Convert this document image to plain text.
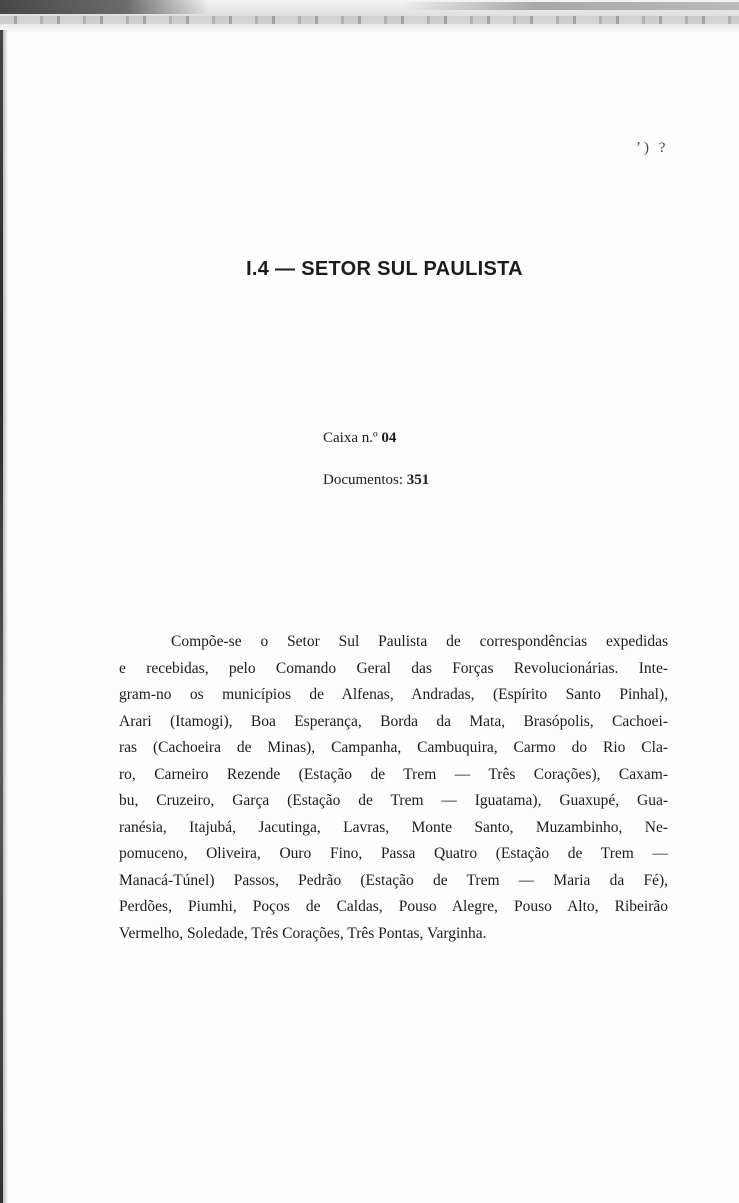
ʼ) ?
I.4 — SETOR SUL PAULISTA
Caixa n.º 04
Documentos: 351
Compõe-se o Setor Sul Paulista de correspondências expedidas
e recebidas, pelo Comando Geral das Forças Revolucionárias. Inte-
gram-no os municípios de Alfenas, Andradas, (Espírito Santo Pinhal),
Arari (Itamogi), Boa Esperança, Borda da Mata, Brasópolis, Cachoei-
ras (Cachoeira de Minas), Campanha, Cambuquira, Carmo do Rio Cla-
ro, Carneiro Rezende (Estação de Trem — Três Corações), Caxam-
bu, Cruzeiro, Garça (Estação de Trem — Iguatama), Guaxupé, Gua-
ranésia, Itajubá, Jacutinga, Lavras, Monte Santo, Muzambinho, Ne-
pomuceno, Oliveira, Ouro Fino, Passa Quatro (Estação de Trem —
Manacá-Túnel) Passos, Pedrão (Estação de Trem — Maria da Fé),
Perdões, Piumhi, Poços de Caldas, Pouso Alegre, Pouso Alto, Ribeirão
Vermelho, Soledade, Três Corações, Três Pontas, Varginha.
